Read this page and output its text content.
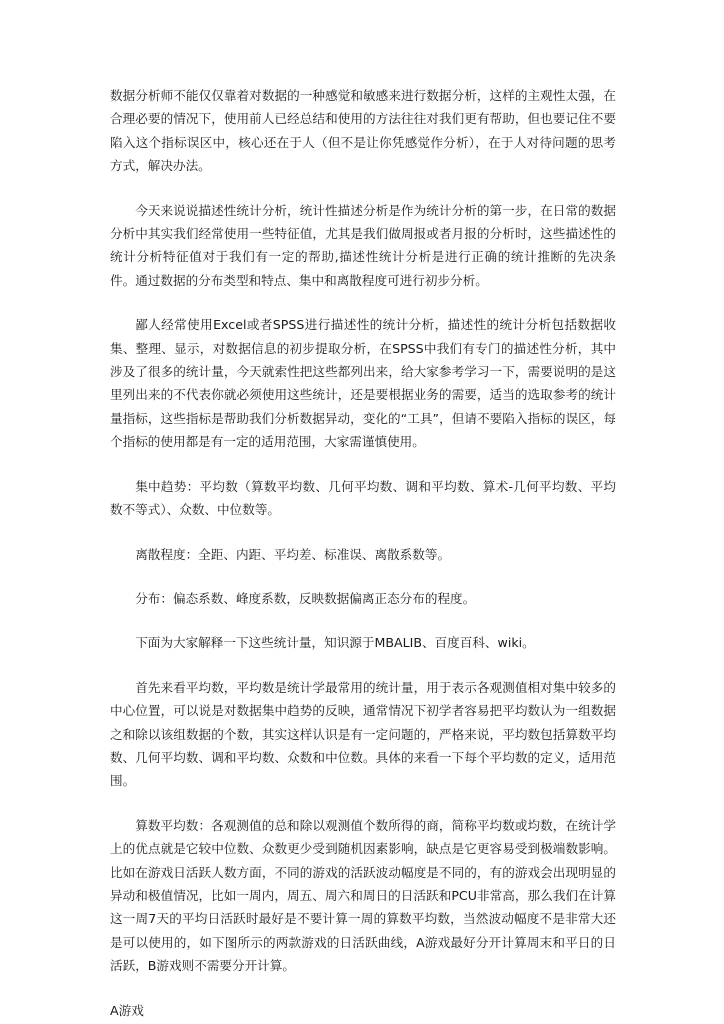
数据分析师不能仅仅靠着对数据的一种感觉和敏感来进行数据分析，这样的主观性太强，在合理必要的情况下，使用前人已经总结和使用的方法往往对我们更有帮助，但也要记住不要陷入这个指标误区中，核心还在于人（但不是让你凭感觉作分析），在于人对待问题的思考方式，解决办法。

今天来说说描述性统计分析，统计性描述分析是作为统计分析的第一步，在日常的数据分析中其实我们经常使用一些特征值，尤其是我们做周报或者月报的分析时，这些描述性的统计分析特征值对于我们有一定的帮助,描述性统计分析是进行正确的统计推断的先决条件。通过数据的分布类型和特点、集中和离散程度可进行初步分析。

鄙人经常使用Excel或者SPSS进行描述性的统计分析，描述性的统计分析包括数据收集、整理、显示，对数据信息的初步提取分析，在SPSS中我们有专门的描述性分析，其中涉及了很多的统计量，今天就索性把这些都列出来，给大家参考学习一下，需要说明的是这里列出来的不代表你就必须使用这些统计，还是要根据业务的需要，适当的选取参考的统计量指标，这些指标是帮助我们分析数据异动，变化的“工具”，但请不要陷入指标的误区，每个指标的使用都是有一定的适用范围，大家需谨慎使用。

集中趋势：平均数（算数平均数、几何平均数、调和平均数、算术-几何平均数、平均数不等式）、众数、中位数等。

离散程度：全距、内距、平均差、标准误、离散系数等。

分布：偏态系数、峰度系数，反映数据偏离正态分布的程度。

下面为大家解释一下这些统计量，知识源于MBALIB、百度百科、wiki。

首先来看平均数，平均数是统计学最常用的统计量，用于表示各观测值相对集中较多的中心位置，可以说是对数据集中趋势的反映，通常情况下初学者容易把平均数认为一组数据之和除以该组数据的个数，其实这样认识是有一定问题的，严格来说，平均数包括算数平均数、几何平均数、调和平均数、众数和中位数。具体的来看一下每个平均数的定义，适用范围。

算数平均数：各观测值的总和除以观测值个数所得的商，简称平均数或均数，在统计学上的优点就是它较中位数、众数更少受到随机因素影响，缺点是它更容易受到极端数影响。比如在游戏日活跃人数方面，不同的游戏的活跃波动幅度是不同的，有的游戏会出现明显的异动和极值情况，比如一周内，周五、周六和周日的日活跃和PCU非常高，那么我们在计算这一周7天的平均日活跃时最好是不要计算一周的算数平均数，当然波动幅度不是非常大还是可以使用的，如下图所示的两款游戏的日活跃曲线，A游戏最好分开计算周末和平日的日活跃，B游戏则不需要分开计算。

A游戏
